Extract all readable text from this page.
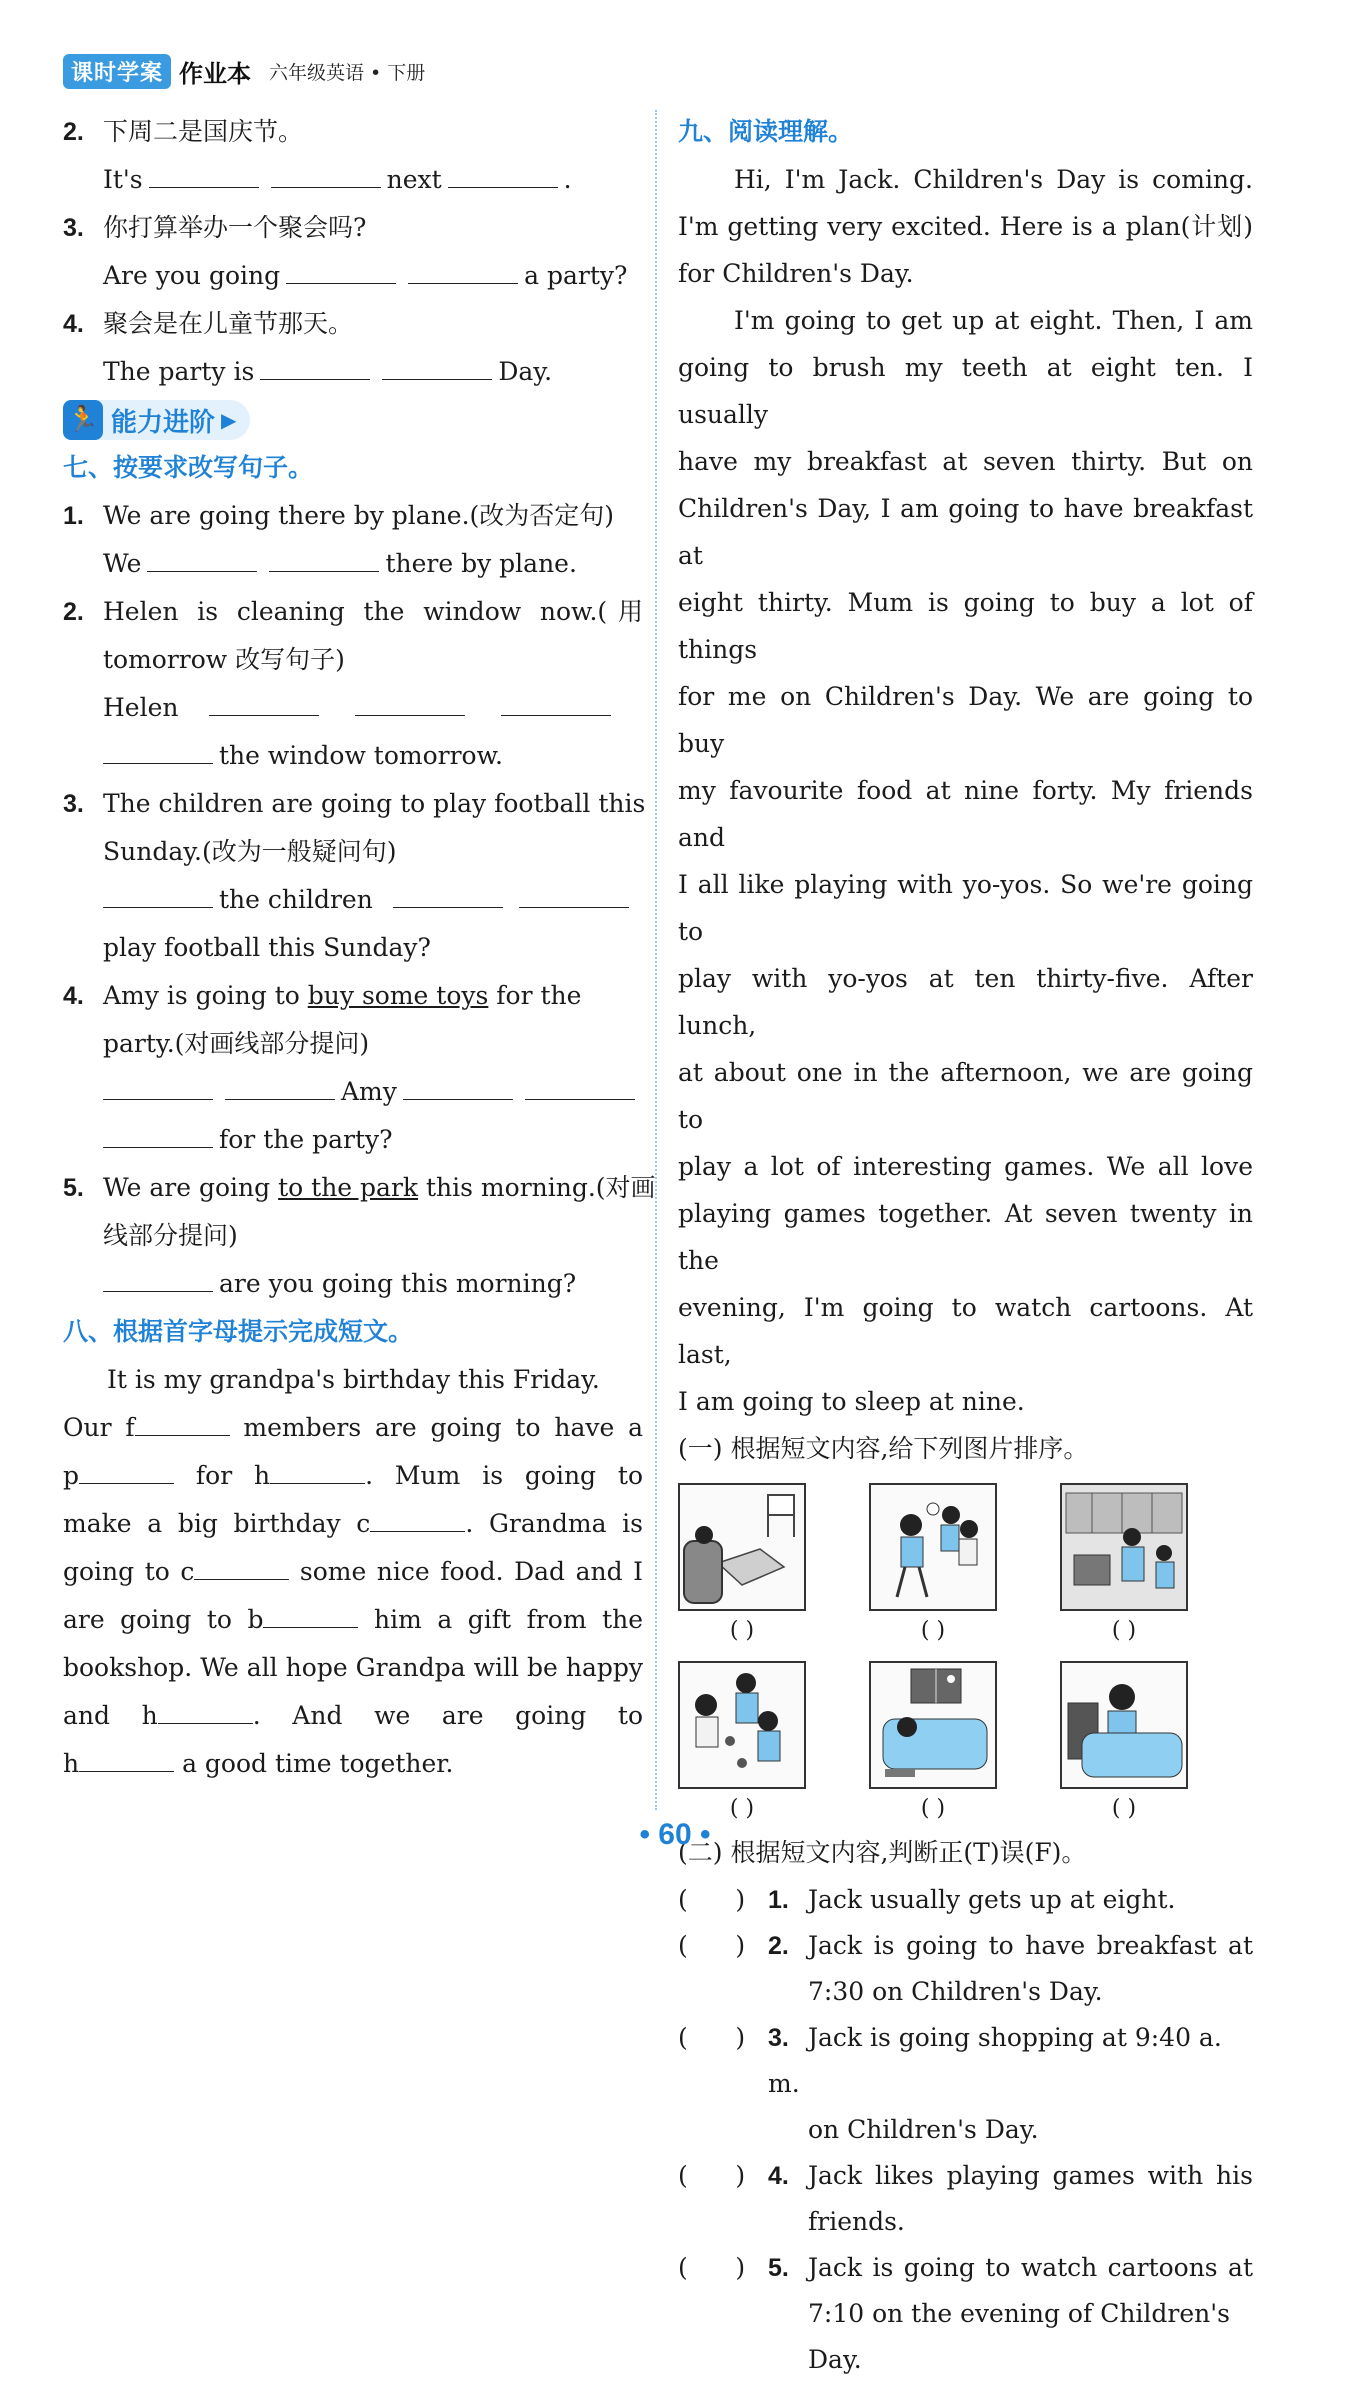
课时学案 作业本 六年级英语 • 下册
2. 下周二是国庆节。
It's	next	.
3. 你打算举办一个聚会吗?
Are you going	a party?
4. 聚会是在儿童节那天。
The party is	Day.
🏃 能力进阶 ▶
七、按要求改写句子。
1. We are going there by plane.(改为否定句)
We	there by plane.
2. Helen is cleaning the window now.(用
tomorrow 改写句子)
Helen
the window tomorrow.
3. The children are going to play football this
Sunday.(改为一般疑问句)
the children
play football this Sunday?
4. Amy is going to buy some toys for the
party.(对画线部分提问)
Amy
for the party?
5. We are going to the park this morning.(对画
线部分提问)
are you going this morning?
八、根据首字母提示完成短文。
It is my grandpa's birthday this Friday.
Our f	members are going to have a
p	for h	. Mum is going to
make a big birthday c	. Grandma is
going to c	some nice food. Dad and I
are going to b	him a gift from the
bookshop. We all hope Grandpa will be happy
and h	. And we are going to
h	a good time together.
九、阅读理解。
Hi, I'm Jack. Children's Day is coming.
I'm getting very excited. Here is a plan(计划)
for Children's Day.
I'm going to get up at eight. Then, I am
going to brush my teeth at eight ten. I usually
have my breakfast at seven thirty. But on
Children's Day, I am going to have breakfast at
eight thirty. Mum is going to buy a lot of things
for me on Children's Day. We are going to buy
my favourite food at nine forty. My friends and
I all like playing with yo-yos. So we're going to
play with yo-yos at ten thirty-five. After lunch,
at about one in the afternoon, we are going to
play a lot of interesting games. We all love
playing games together. At seven twenty in the
evening, I'm going to watch cartoons. At last,
I am going to sleep at nine.
(一) 根据短文内容,给下列图片排序。
( )	( )	( )
( )	( )	( )
(二) 根据短文内容,判断正(T)误(F)。
(      ) 1. Jack usually gets up at eight.
(      ) 2. Jack is going to have breakfast at
7:30 on Children's Day.
(      ) 3. Jack is going shopping at 9:40 a. m.
on Children's Day.
(      ) 4. Jack likes playing games with his
friends.
(      ) 5. Jack is going to watch cartoons at
7:10 on the evening of Children's Day.
• 60 •
